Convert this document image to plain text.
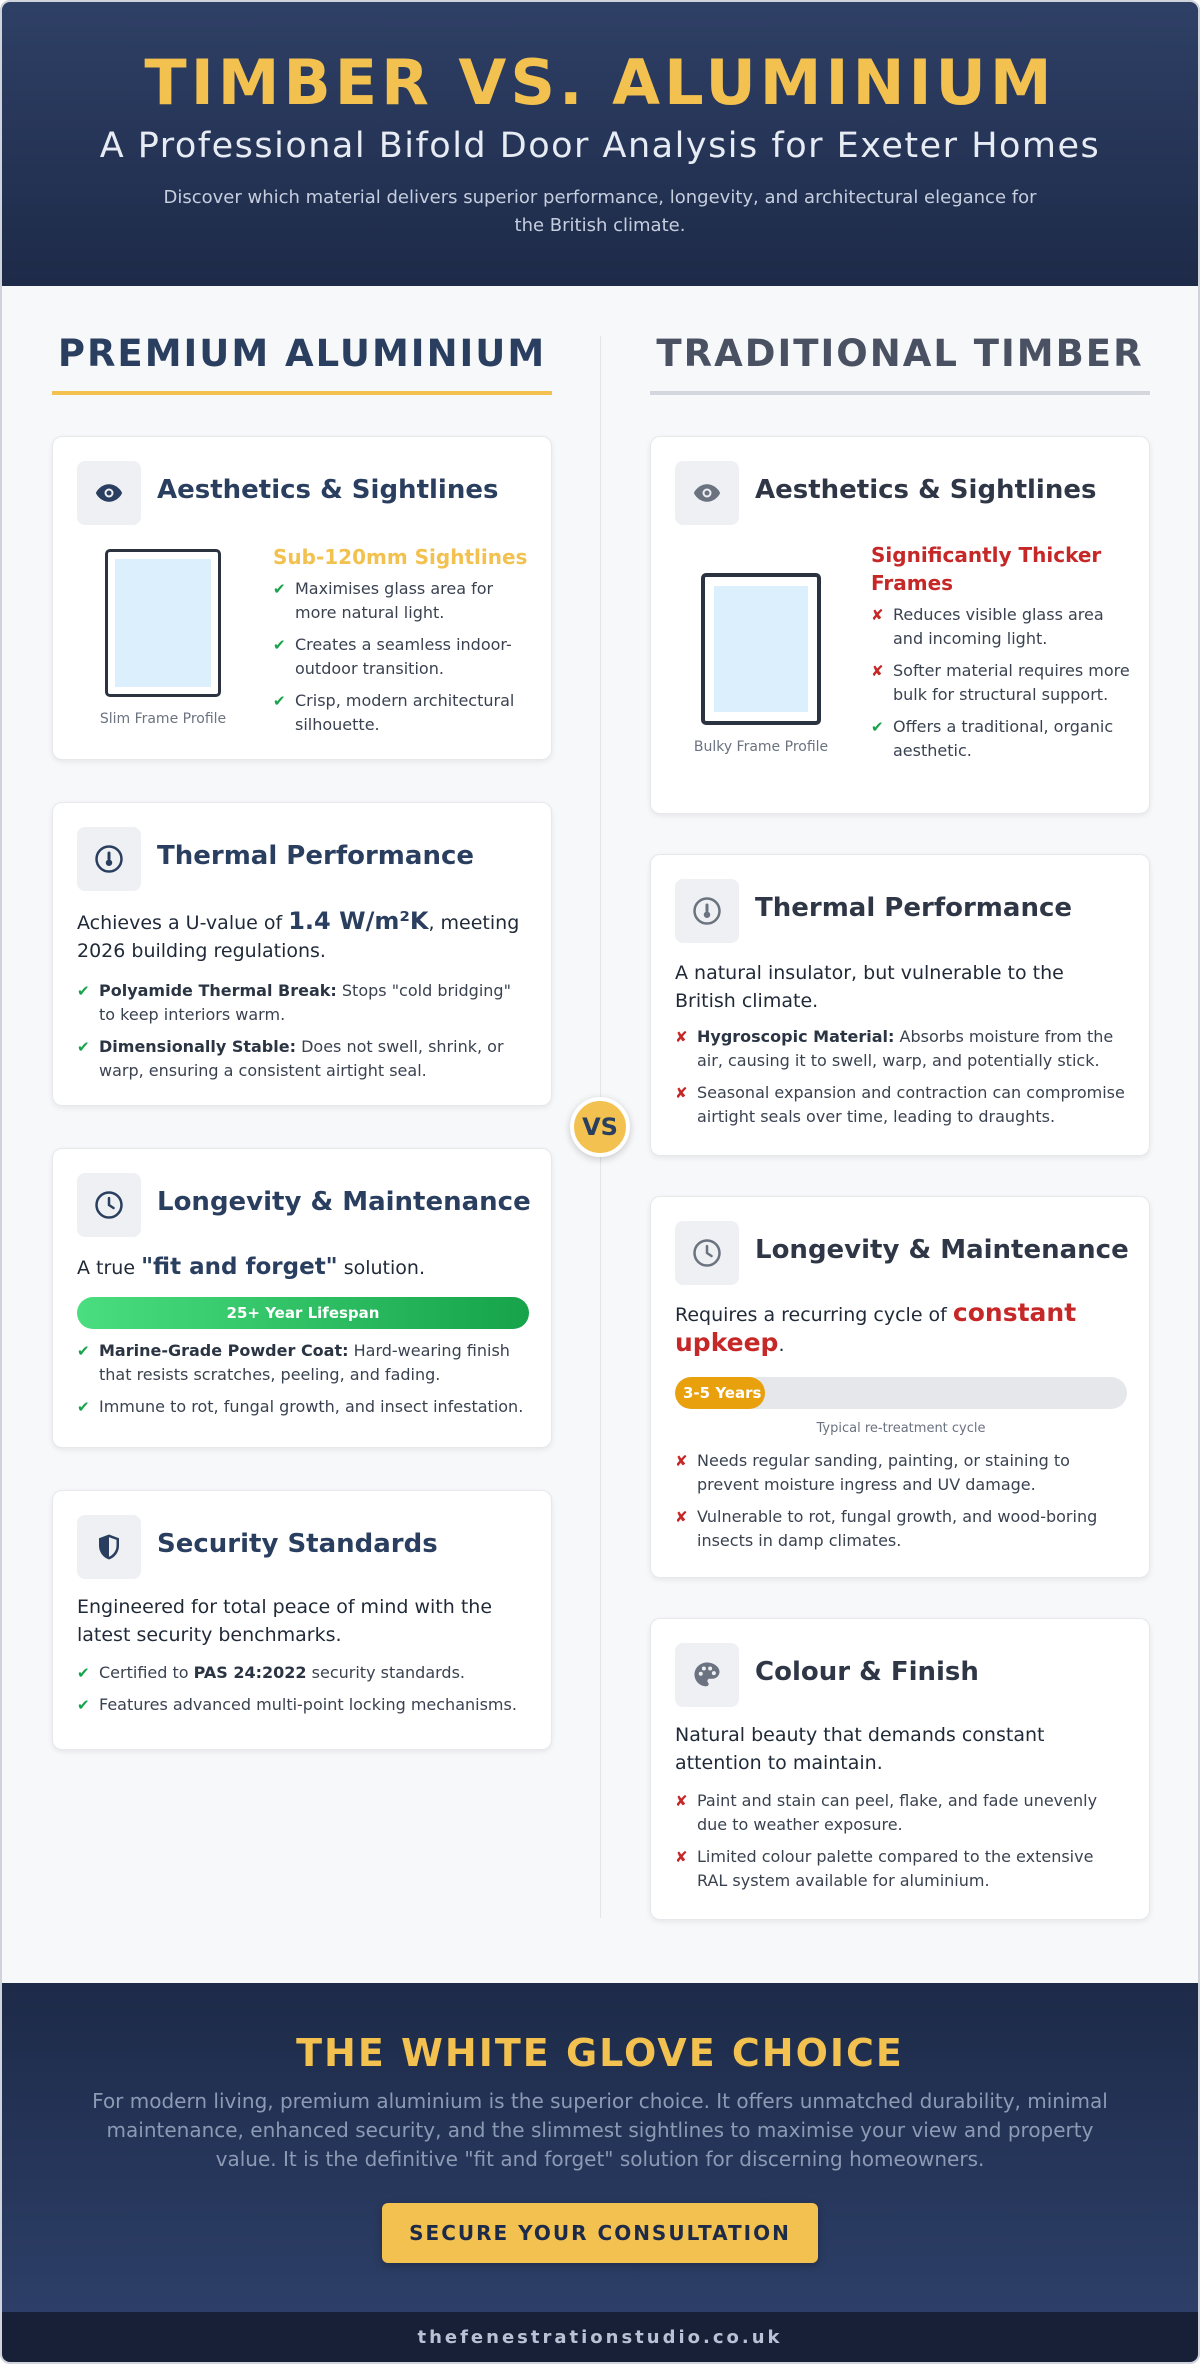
TIMBER VS. ALUMINIUM
A Professional Bifold Door Analysis for Exeter Homes

Discover which material delivers superior performance, longevity, and architectural elegance for the British climate.

PREMIUM ALUMINIUM	TRADITIONAL TIMBER
VS
Aesthetics & Sightlines
Slim Frame Profile
Sub-120mm Sightlines
✔ Maximises glass area for more natural light.
✔ Creates a seamless indoor-outdoor transition.
✔ Crisp, modern architectural silhouette.
Thermal Performance

Achieves a U-value of 1.4 W/m²K, meeting 2026 building regulations.

✔ Polyamide Thermal Break: Stops "cold bridging" to keep interiors warm.
✔ Dimensionally Stable: Does not swell, shrink, or warp, ensuring a consistent airtight seal.
Longevity & Maintenance

A true "fit and forget" solution.

25+ Year Lifespan
✔ Marine-Grade Powder Coat: Hard-wearing finish that resists scratches, peeling, and fading.
✔ Immune to rot, fungal growth, and insect infestation.
Security Standards

Engineered for total peace of mind with the latest security benchmarks.

✔ Certified to PAS 24:2022 security standards.
✔ Features advanced multi-point locking mechanisms.
Aesthetics & Sightlines
Bulky Frame Profile
Significantly Thicker Frames
✘ Reduces visible glass area and incoming light.
✘ Softer material requires more bulk for structural support.
✔ Offers a traditional, organic aesthetic.
Thermal Performance

A natural insulator, but vulnerable to the British climate.

✘ Hygroscopic Material: Absorbs moisture from the air, causing it to swell, warp, and potentially stick.
✘ Seasonal expansion and contraction can compromise airtight seals over time, leading to draughts.
Longevity & Maintenance

Requires a recurring cycle of constant upkeep.

3-5 Years
Typical re-treatment cycle
✘ Needs regular sanding, painting, or staining to prevent moisture ingress and UV damage.
✘ Vulnerable to rot, fungal growth, and wood-boring insects in damp climates.
Colour & Finish

Natural beauty that demands constant attention to maintain.

✘ Paint and stain can peel, flake, and fade unevenly due to weather exposure.
✘ Limited colour palette compared to the extensive RAL system available for aluminium.
THE WHITE GLOVE CHOICE

For modern living, premium aluminium is the superior choice. It offers unmatched durability, minimal maintenance, enhanced security, and the slimmest sightlines to maximise your view and property value. It is the definitive "fit and forget" solution for discerning homeowners.

SECURE YOUR CONSULTATION
thefenestrationstudio.co.uk
